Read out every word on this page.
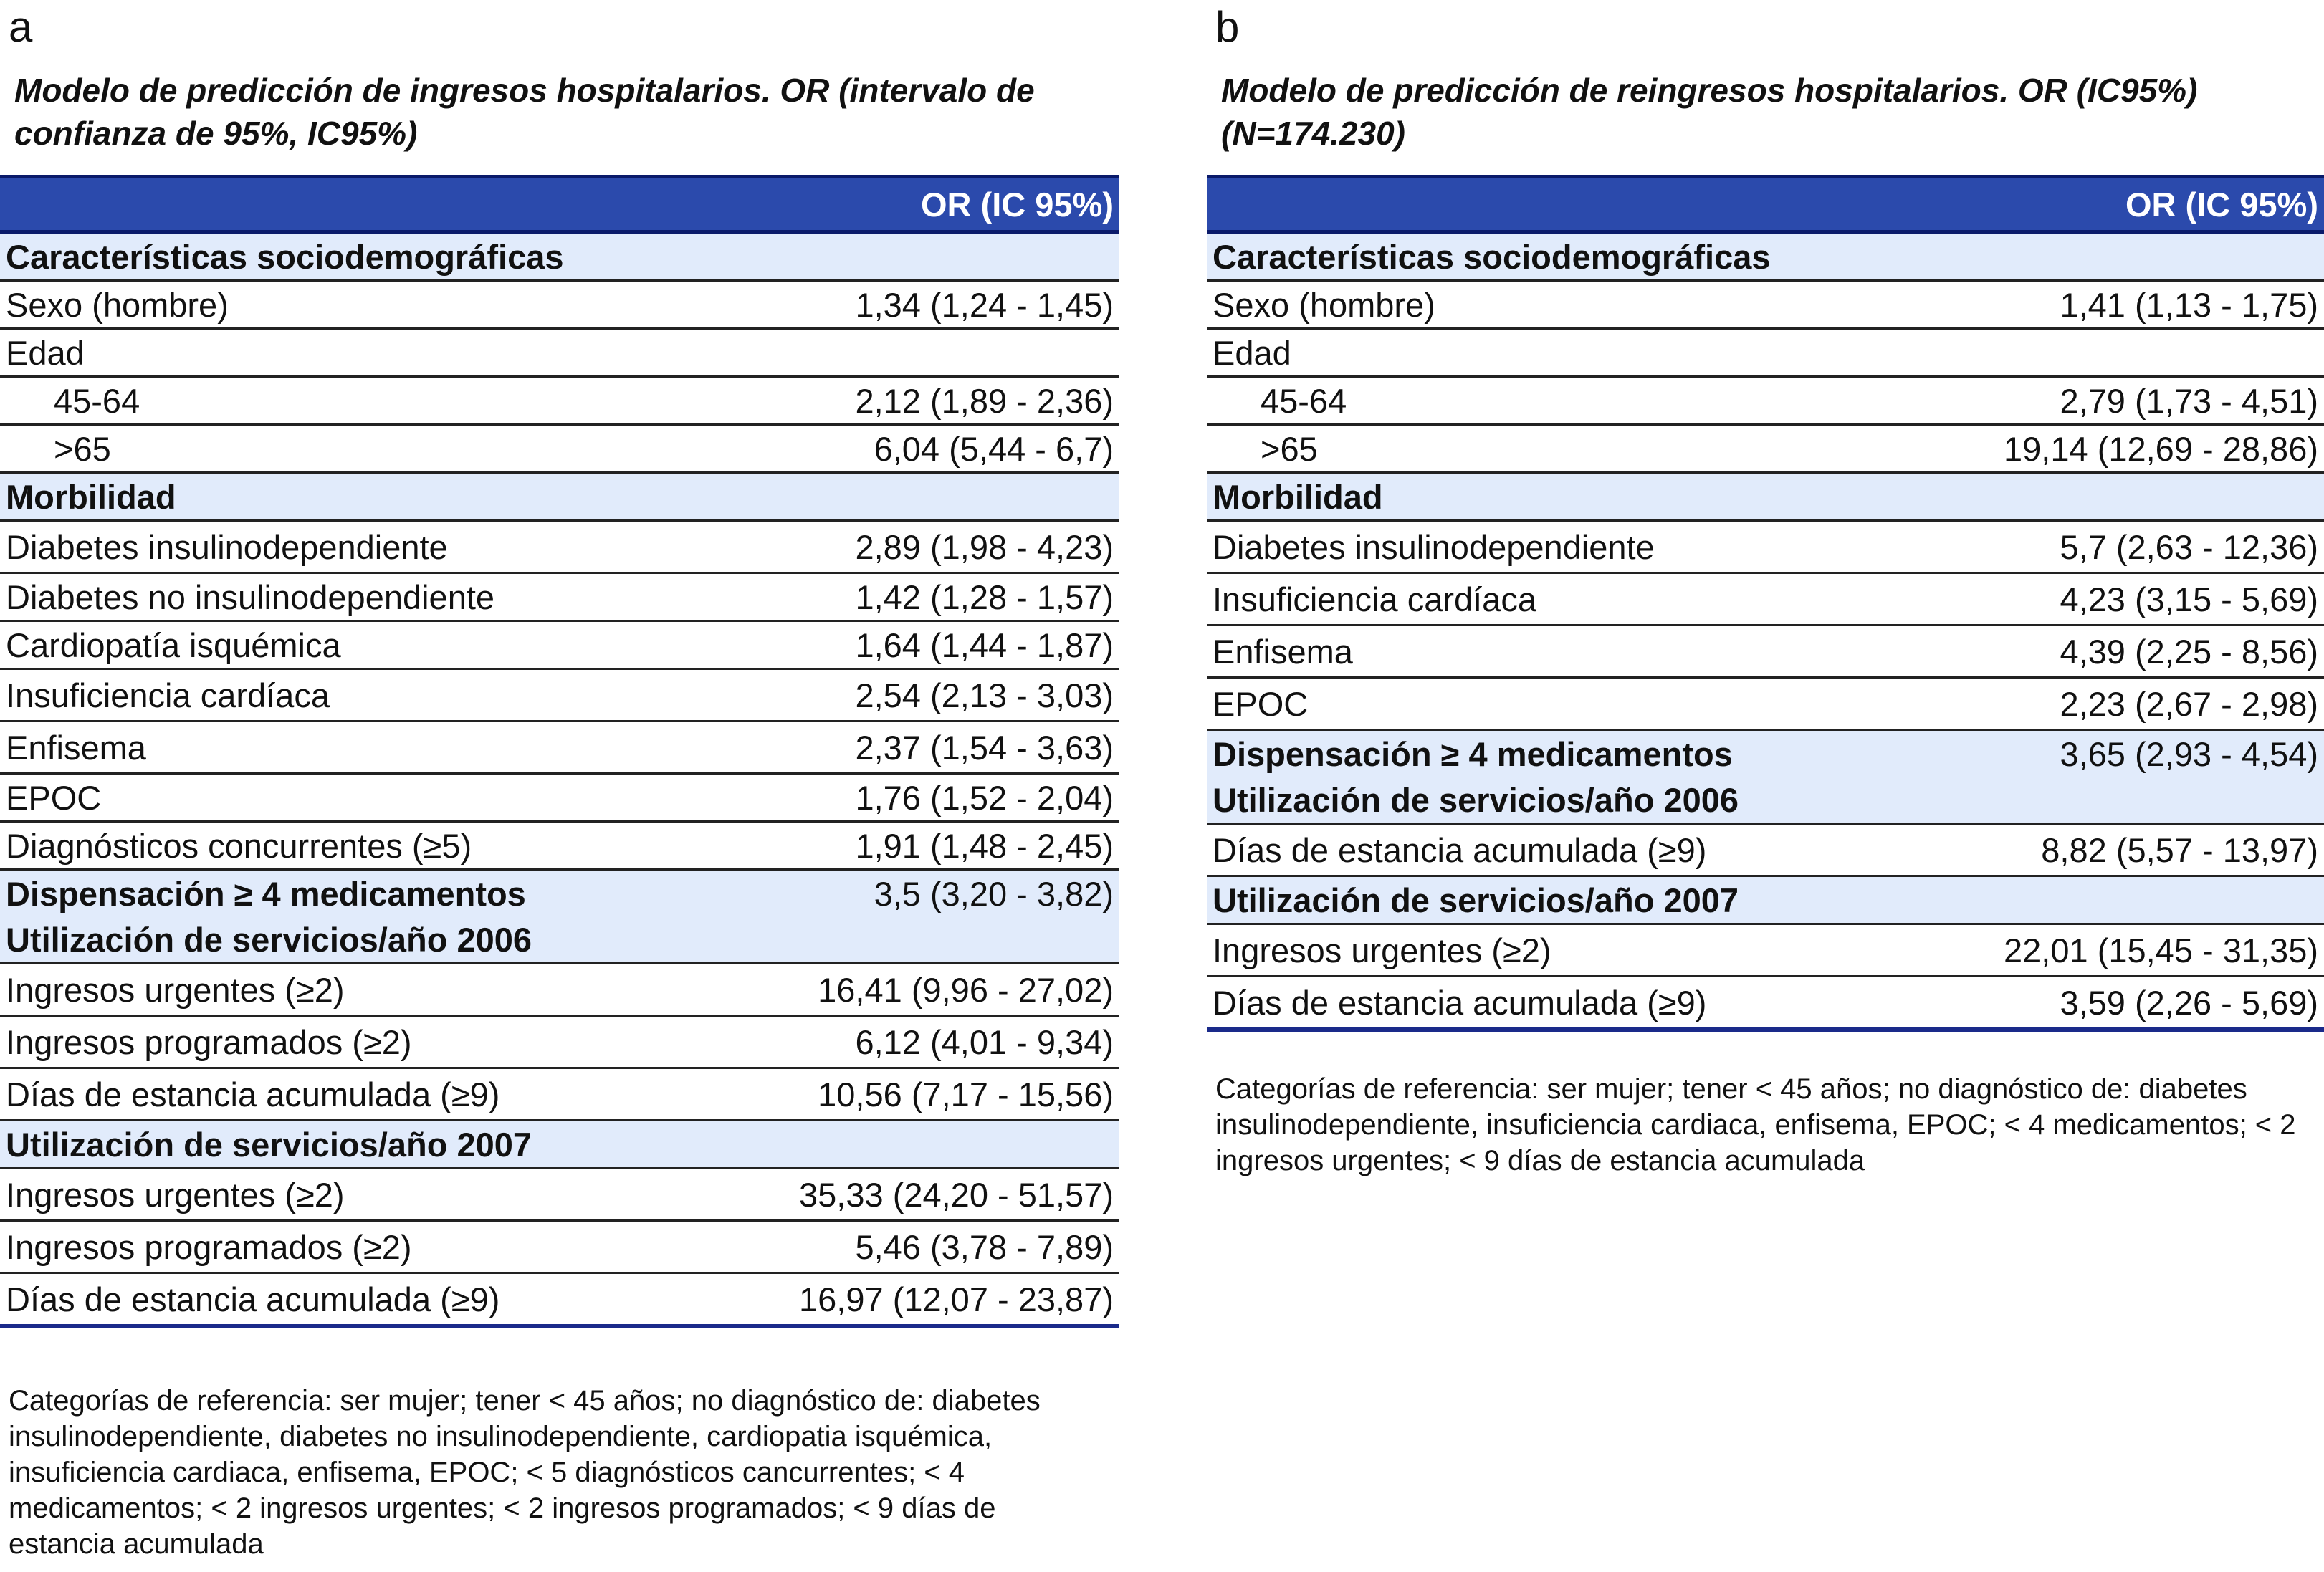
a
Modelo de predicción de ingresos hospitalarios. OR (intervalo de confianza de 95%, IC95%)
	OR (IC 95%)
Características sociodemográficas	
Sexo (hombre)	1,34 (1,24 - 1,45)
Edad	
45-64	2,12 (1,89 - 2,36)
>65	6,04 (5,44 - 6,7)
Morbilidad	
Diabetes insulinodependiente	2,89 (1,98 - 4,23)
Diabetes no insulinodependiente	1,42 (1,28 - 1,57)
Cardiopatía isquémica	1,64 (1,44 - 1,87)
Insuficiencia cardíaca	2,54 (2,13 - 3,03)
Enfisema	2,37 (1,54 - 3,63)
EPOC	1,76 (1,52 - 2,04)
Diagnósticos concurrentes (≥5)	1,91 (1,48 - 2,45)
Dispensación ≥ 4 medicamentos	3,5 (3,20 - 3,82)
Utilización de servicios/año 2006	
Ingresos urgentes (≥2)	16,41 (9,96 - 27,02)
Ingresos programados (≥2)	6,12 (4,01 - 9,34)
Días de estancia acumulada (≥9)	10,56 (7,17 - 15,56)
Utilización de servicios/año 2007	
Ingresos urgentes (≥2)	35,33 (24,20 - 51,57)
Ingresos programados (≥2)	5,46 (3,78 - 7,89)
Días de estancia acumulada (≥9)	16,97 (12,07 - 23,87)
Categorías de referencia: ser mujer; tener < 45 años; no diagnóstico de: diabetes insulinodependiente, diabetes no insulinodependiente, cardiopatia isquémica, insuficiencia cardiaca, enfisema, EPOC; < 5 diagnósticos cancurrentes; < 4 medicamentos; < 2 ingresos urgentes; < 2 ingresos programados; < 9 días de estancia acumulada
b
Modelo de predicción de reingresos hospitalarios. OR (IC95%) (N=174.230)
	OR (IC 95%)
Características sociodemográficas	
Sexo (hombre)	1,41 (1,13 - 1,75)
Edad	
45-64	2,79 (1,73 - 4,51)
>65	19,14 (12,69 - 28,86)
Morbilidad	
Diabetes insulinodependiente	5,7 (2,63 - 12,36)
Insuficiencia cardíaca	4,23 (3,15 - 5,69)
Enfisema	4,39 (2,25 - 8,56)
EPOC	2,23 (2,67 - 2,98)
Dispensación ≥ 4 medicamentos	3,65 (2,93 - 4,54)
Utilización de servicios/año 2006	
Días de estancia acumulada (≥9)	8,82 (5,57 - 13,97)
Utilización de servicios/año 2007	
Ingresos urgentes (≥2)	22,01 (15,45 - 31,35)
Días de estancia acumulada (≥9)	3,59 (2,26 - 5,69)
Categorías de referencia: ser mujer; tener < 45 años; no diagnóstico de: diabetes insulinodependiente, insuficiencia cardiaca, enfisema, EPOC; < 4 medicamentos; < 2 ingresos urgentes; < 9 días de estancia acumulada
